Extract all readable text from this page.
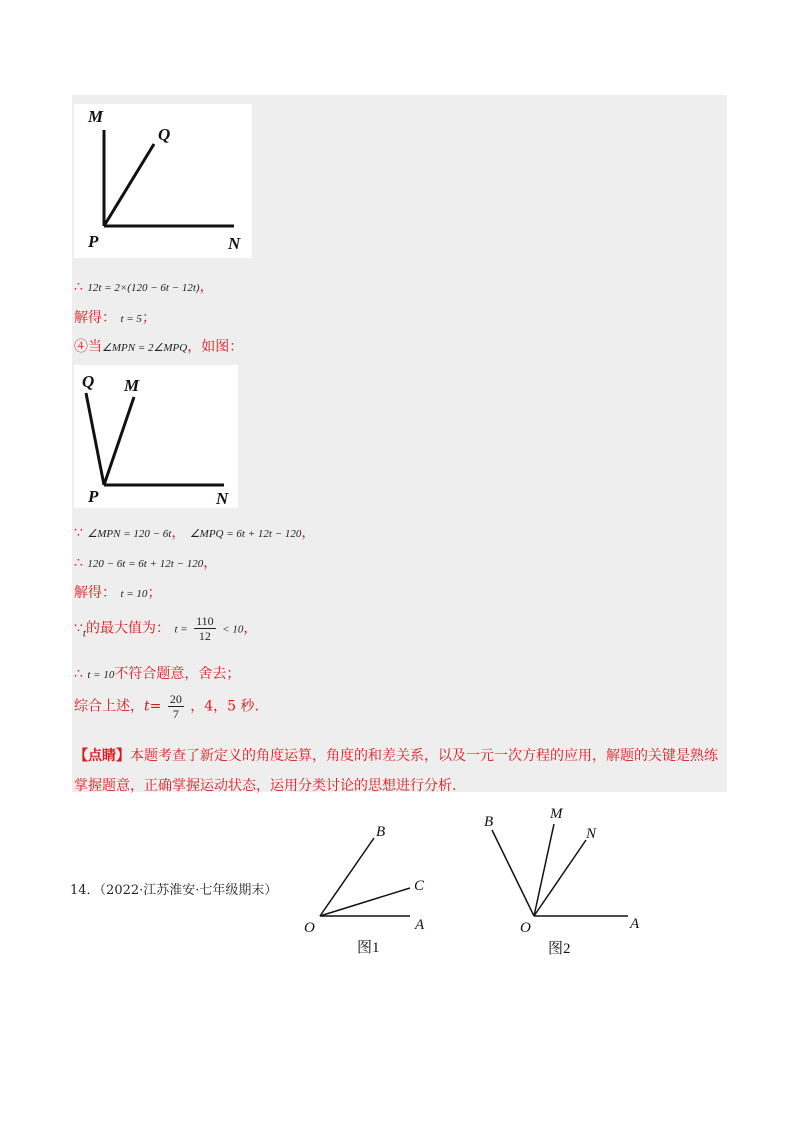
M
Q
P	N
∴ 12t = 2×(120 − 6t − 12t)，
解得： t = 5；
④当∠MPN = 2∠MPQ，如图：
Q M
P	N
∵ ∠MPN = 120 − 6t， ∠MPQ = 6t + 12t − 120，
∴ 120 − 6t = 6t + 12t − 120，
解得： t = 10；
$\because_t$的最大值为： $t = \frac{110}{12} < 10$，
∴ t = 10不符合题意，舍去；
综合上述，$t= \frac{20}{7}$ ，4，5 秒.
【点睛】本题考查了新定义的角度运算，角度的和差关系，以及一元一次方程的应用，解题的关键是熟练
掌握题意，正确掌握运动状态，运用分类讨论的思想进行分析.
14．（2022·江苏淮安·七年级期末）
B
C
O	A
图1
B	M
N
O	A
图2
